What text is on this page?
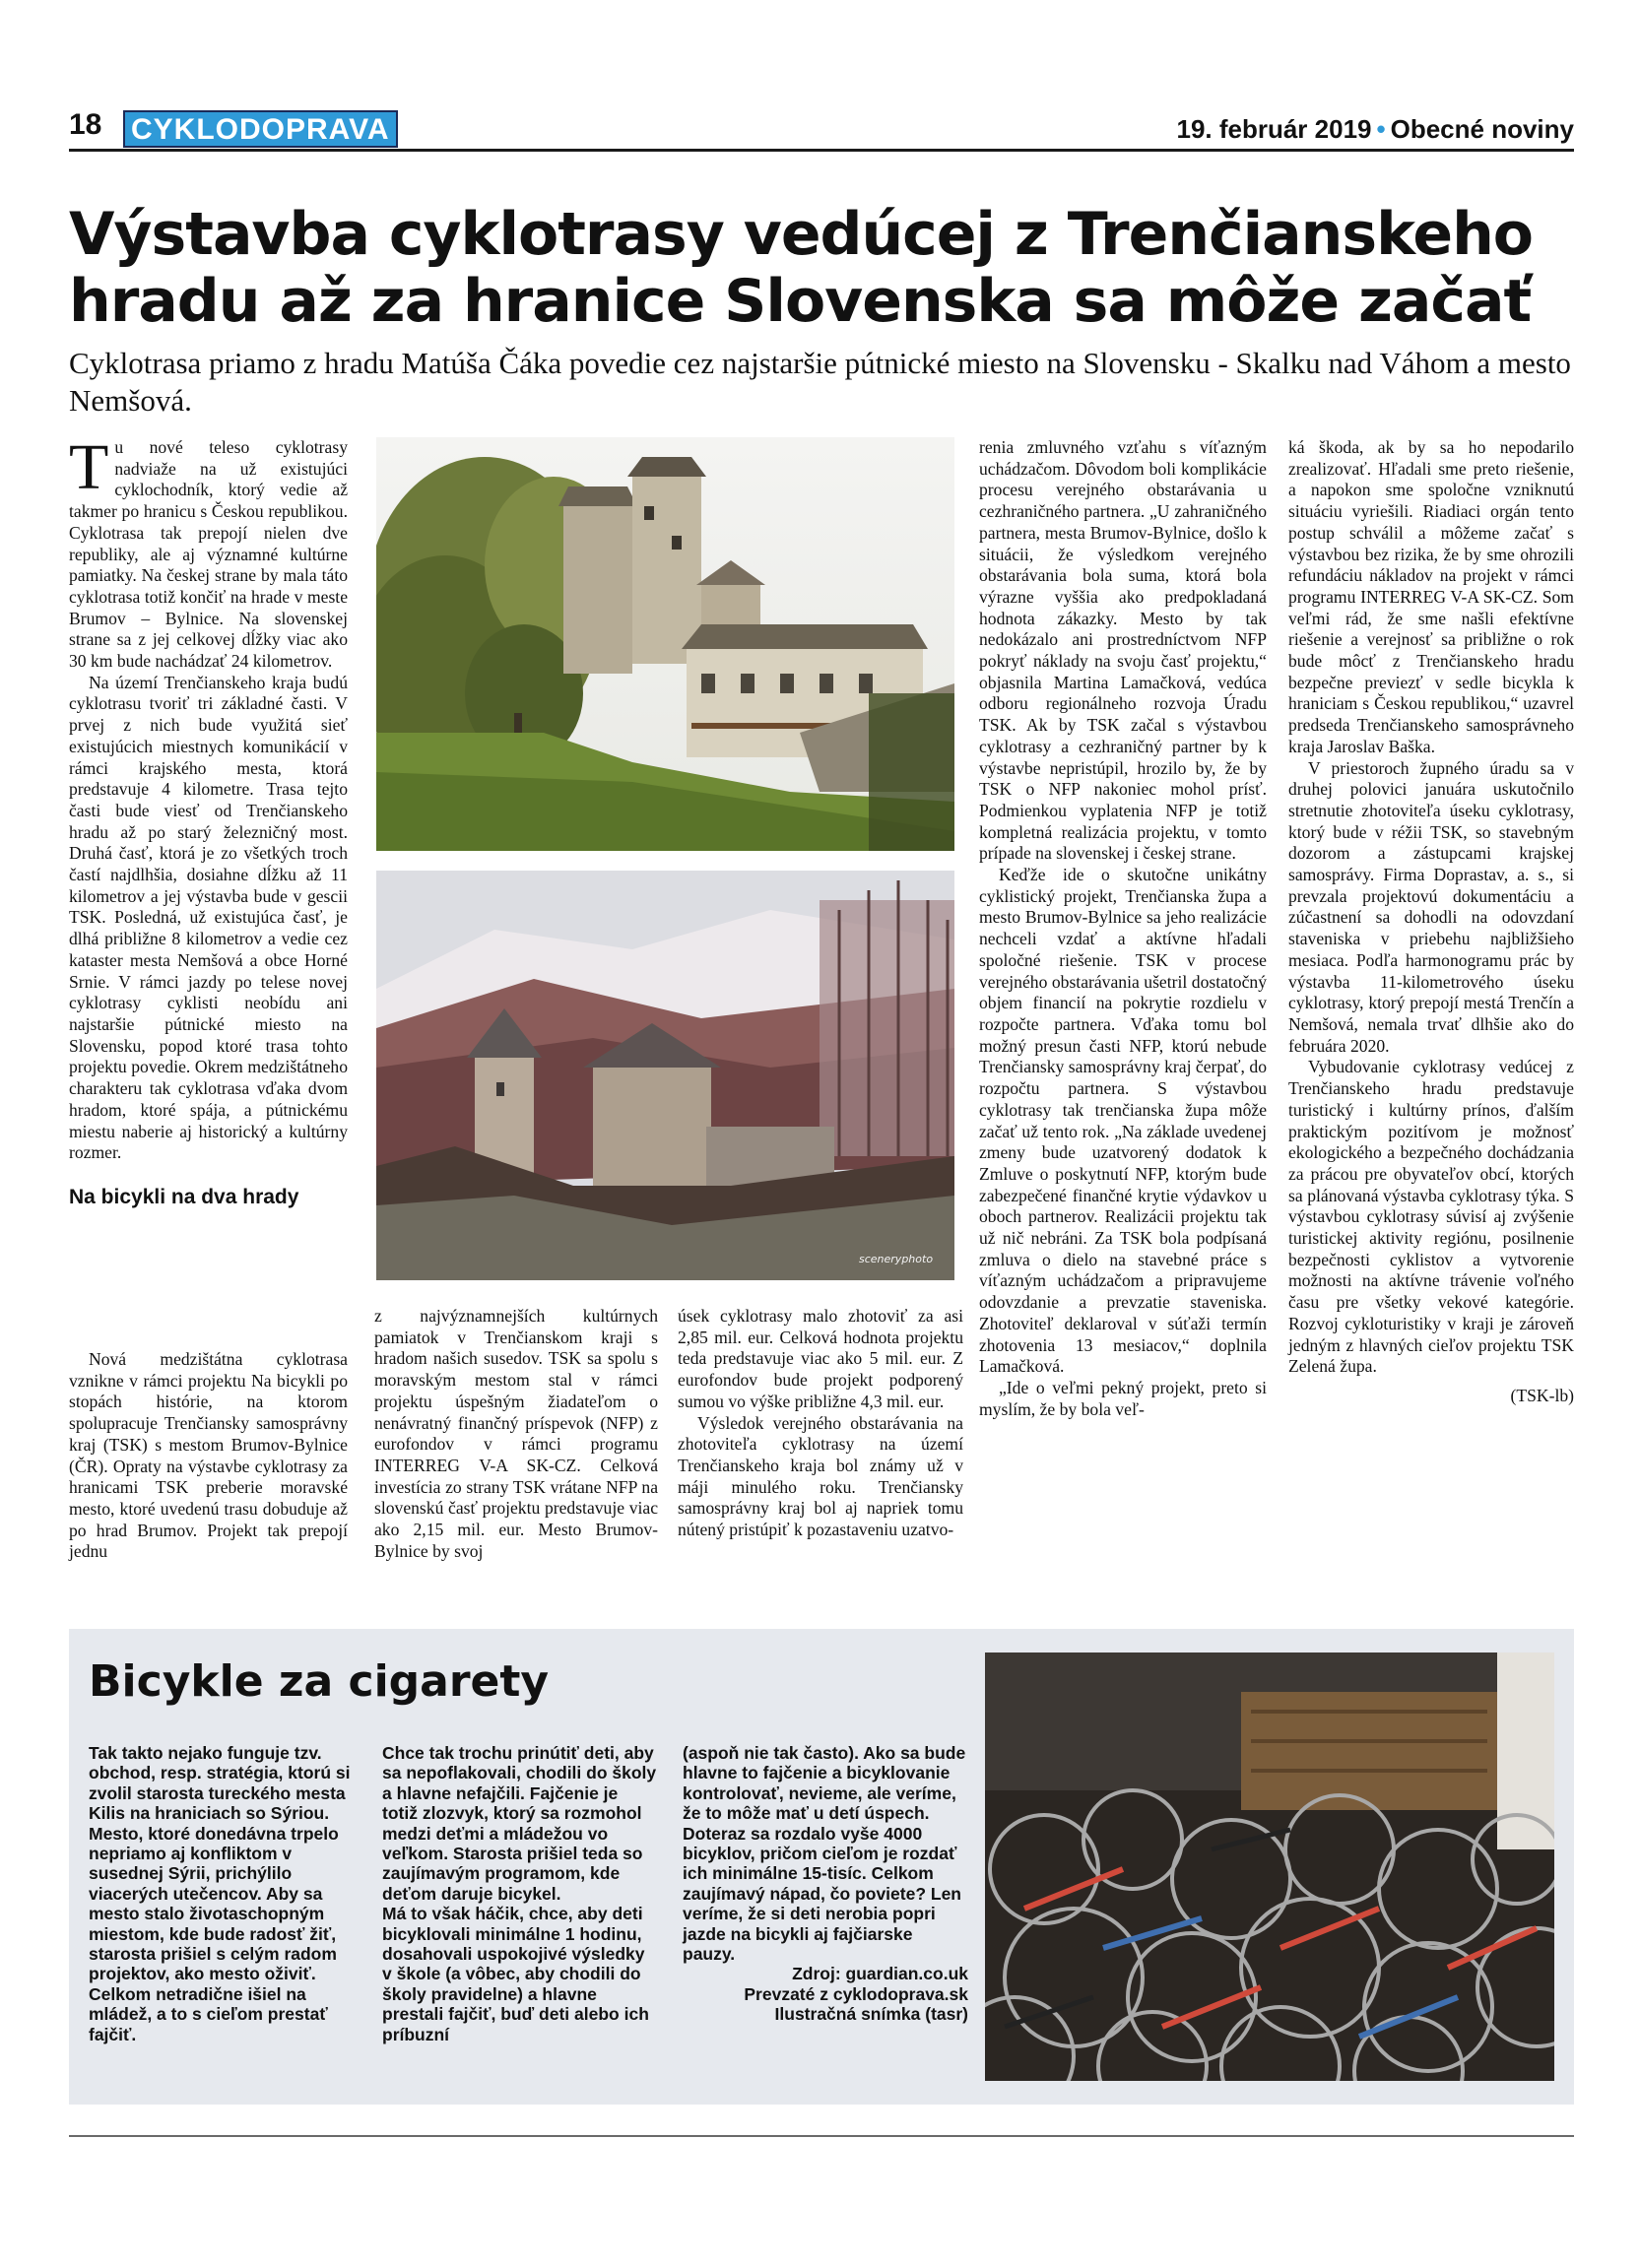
18 CYKLODOPRAVA	19. február 2019 • Obecné noviny
Výstavba cyklotrasy vedúcej z Trenčianskeho hradu až za hranice Slovenska sa môže začať

Cyklotrasa priamo z hradu Matúša Čáka povedie cez najstaršie pútnické miesto na Slovensku - Skalku nad Váhom a mesto Nemšová.

Tu nové teleso cyklotrasy nadviaže na už existujúci cyklochodník, ktorý vedie až takmer po hranicu s Českou republikou. Cyklotrasa tak prepojí nielen dve republiky, ale aj významné kultúrne pamiatky. Na českej strane by mala táto cyklotrasa totiž končiť na hrade v meste Brumov – Bylnice. Na slovenskej strane sa z jej celkovej dĺžky viac ako 30 km bude nachádzať 24 kilometrov.

Na území Trenčianskeho kraja budú cyklotrasu tvoriť tri základné časti. V prvej z nich bude využitá sieť existujúcich miestnych komunikácií v rámci krajského mesta, ktorá predstavuje 4 kilometre. Trasa tejto časti bude viesť od Trenčianskeho hradu až po starý železničný most. Druhá časť, ktorá je zo všetkých troch častí najdlhšia, dosiahne dĺžku až 11 kilometrov a jej výstavba bude v gescii TSK. Posledná, už existujúca časť, je dlhá približne 8 kilometrov a vedie cez kataster mesta Nemšová a obce Horné Srnie. V rámci jazdy po telese novej cyklotrasy cyklisti neobídu ani najstaršie pútnické miesto na Slovensku, popod ktoré trasa tohto projektu povedie. Okrem medzištátneho charakteru tak cyklotrasa vďaka dvom hradom, ktoré spája, a pútnickému miestu naberie aj historický a kultúrny rozmer.

Na bicykli na dva hrady
sceneryphoto

renia zmluvného vzťahu s víťazným uchádzačom. Dôvodom boli komplikácie procesu verejného obstarávania u cezhraničného partnera. „U zahraničného partnera, mesta Brumov-Bylnice, došlo k situácii, že výsledkom verejného obstarávania bola suma, ktorá bola výrazne vyššia ako predpokladaná hodnota zákazky. Mesto by tak nedokázalo ani prostredníctvom NFP pokryť náklady na svoju časť projektu,“ objasnila Martina Lamačková, vedúca odboru regionálneho rozvoja Úradu TSK. Ak by TSK začal s výstavbou cyklotrasy a cezhraničný partner by k výstavbe nepristúpil, hrozilo by, že by TSK o NFP nakoniec mohol prísť. Podmienkou vyplatenia NFP je totiž kompletná realizácia projektu, v tomto prípade na slovenskej i českej strane.

Keďže ide o skutočne unikátny cyklistický projekt, Trenčianska župa a mesto Brumov-Bylnice sa jeho realizácie nechceli vzdať a aktívne hľadali spoločné riešenie. TSK v procese verejného obstarávania ušetril dostatočný objem financií na pokrytie rozdielu v rozpočte partnera. Vďaka tomu bol možný presun časti NFP, ktorú nebude Trenčiansky samosprávny kraj čerpať, do rozpočtu partnera. S výstavbou cyklotrasy tak trenčianska župa môže začať už tento rok. „Na základe uvedenej zmeny bude uzatvorený dodatok k Zmluve o poskytnutí NFP, ktorým bude zabezpečené finančné krytie výdavkov u oboch partnerov. Realizácii projektu tak už nič nebráni. Za TSK bola podpísaná zmluva o dielo na stavebné práce s víťazným uchádzačom a pripravujeme odovzdanie a prevzatie staveniska. Zhotoviteľ deklaroval v súťaži termín zhotovenia 13 mesiacov,“ doplnila Lamačková.

„Ide o veľmi pekný projekt, preto si myslím, že by bola veľ-

ká škoda, ak by sa ho nepodarilo zrealizovať. Hľadali sme preto riešenie, a napokon sme spoločne vzniknutú situáciu vyriešili. Riadiaci orgán tento postup schválil a môžeme začať s výstavbou bez rizika, že by sme ohrozili refundáciu nákladov na projekt v rámci programu INTERREG V-A SK-CZ. Som veľmi rád, že sme našli efektívne riešenie a verejnosť sa približne o rok bude môcť z Trenčianskeho hradu bezpečne previezť v sedle bicykla k hraniciam s Českou republikou,“ uzavrel predseda Trenčianskeho samosprávneho kraja Jaroslav Baška.

V priestoroch župného úradu sa v druhej polovici januára uskutočnilo stretnutie zhotoviteľa úseku cyklotrasy, ktorý bude v réžii TSK, so stavebným dozorom a zástupcami krajskej samosprávy. Firma Doprastav, a. s., si prevzala projektovú dokumentáciu a zúčastnení sa dohodli na odovzdaní staveniska v priebehu najbližšieho mesiaca. Podľa harmonogramu prác by výstavba 11-kilometrového úseku cyklotrasy, ktorý prepojí mestá Trenčín a Nemšová, nemala trvať dlhšie ako do februára 2020.

Vybudovanie cyklotrasy vedúcej z Trenčianskeho hradu predstavuje turistický i kultúrny prínos, ďalším praktickým pozitívom je možnosť ekologického a bezpečného dochádzania za prácou pre obyvateľov obcí, ktorých sa plánovaná výstavba cyklotrasy týka. S výstavbou cyklotrasy súvisí aj zvýšenie turistickej aktivity regiónu, posilnenie bezpečnosti cyklistov a vytvorenie možnosti na aktívne trávenie voľného času pre všetky vekové kategórie. Rozvoj cykloturistiky v kraji je zároveň jedným z hlavných cieľov projektu TSK Zelená župa.

(TSK-lb)

Nová medzištátna cyklotrasa vznikne v rámci projektu Na bicykli po stopách histórie, na ktorom spolupracuje Trenčiansky samosprávny kraj (TSK) s mestom Brumov-Bylnice (ČR). Opraty na výstavbe cyklotrasy za hranicami TSK preberie moravské mesto, ktoré uvedenú trasu dobuduje až po hrad Brumov. Projekt tak prepojí jednu

z najvýznamnejších kultúrnych pamiatok v Trenčianskom kraji s hradom našich susedov. TSK sa spolu s moravským mestom stal v rámci projektu úspešným žiadateľom o nenávratný finančný príspevok (NFP) z eurofondov v rámci programu INTERREG V-A SK-CZ. Celková investícia zo strany TSK vrátane NFP na slovenskú časť projektu predstavuje viac ako 2,15 mil. eur. Mesto Brumov-Bylnice by svoj

úsek cyklotrasy malo zhotoviť za asi 2,85 mil. eur. Celková hodnota projektu teda predstavuje viac ako 5 mil. eur. Z eurofondov bude projekt podporený sumou vo výške približne 4,3 mil. eur.

Výsledok verejného obstarávania na zhotoviteľa cyklotrasy na území Trenčianskeho kraja bol známy už v máji minulého roku. Trenčiansky samosprávny kraj bol aj napriek tomu nútený pristúpiť k pozastaveniu uzatvo-

Bicykle za cigarety

Tak takto nejako funguje tzv. obchod, resp. stratégia, ktorú si zvolil starosta tureckého mesta Kilis na hraniciach so Sýriou.

Mesto, ktoré donedávna trpelo nepriamo aj konfliktom v susednej Sýrii, prichýlilo viacerých utečencov. Aby sa mesto stalo životaschopným miestom, kde bude radosť žiť, starosta prišiel s celým radom projektov, ako mesto oživiť. Celkom netradične išiel na mládež, a to s cieľom prestať fajčiť.

Chce tak trochu prinútiť deti, aby sa nepoflakovali, chodili do školy a hlavne nefajčili. Fajčenie je totiž zlozvyk, ktorý sa rozmohol medzi deťmi a mládežou vo veľkom. Starosta prišiel teda so zaujímavým programom, kde deťom daruje bicykel.

Má to však háčik, chce, aby deti bicyklovali minimálne 1 hodinu, dosahovali uspokojivé výsledky v škole (a vôbec, aby chodili do školy pravidelne) a hlavne prestali fajčiť, buď deti alebo ich príbuzní

(aspoň nie tak často). Ako sa bude hlavne to fajčenie a bicyklovanie kontrolovať, nevieme, ale veríme, že to môže mať u detí úspech. Doteraz sa rozdalo vyše 4000 bicyklov, pričom cieľom je rozdať ich minimálne 15-tisíc. Celkom zaujímavý nápad, čo poviete? Len veríme, že si deti nerobia popri jazde na bicykli aj fajčiarske pauzy.

Zdroj: guardian.co.uk

Prevzaté z cyklodoprava.sk

Ilustračná snímka (tasr)
